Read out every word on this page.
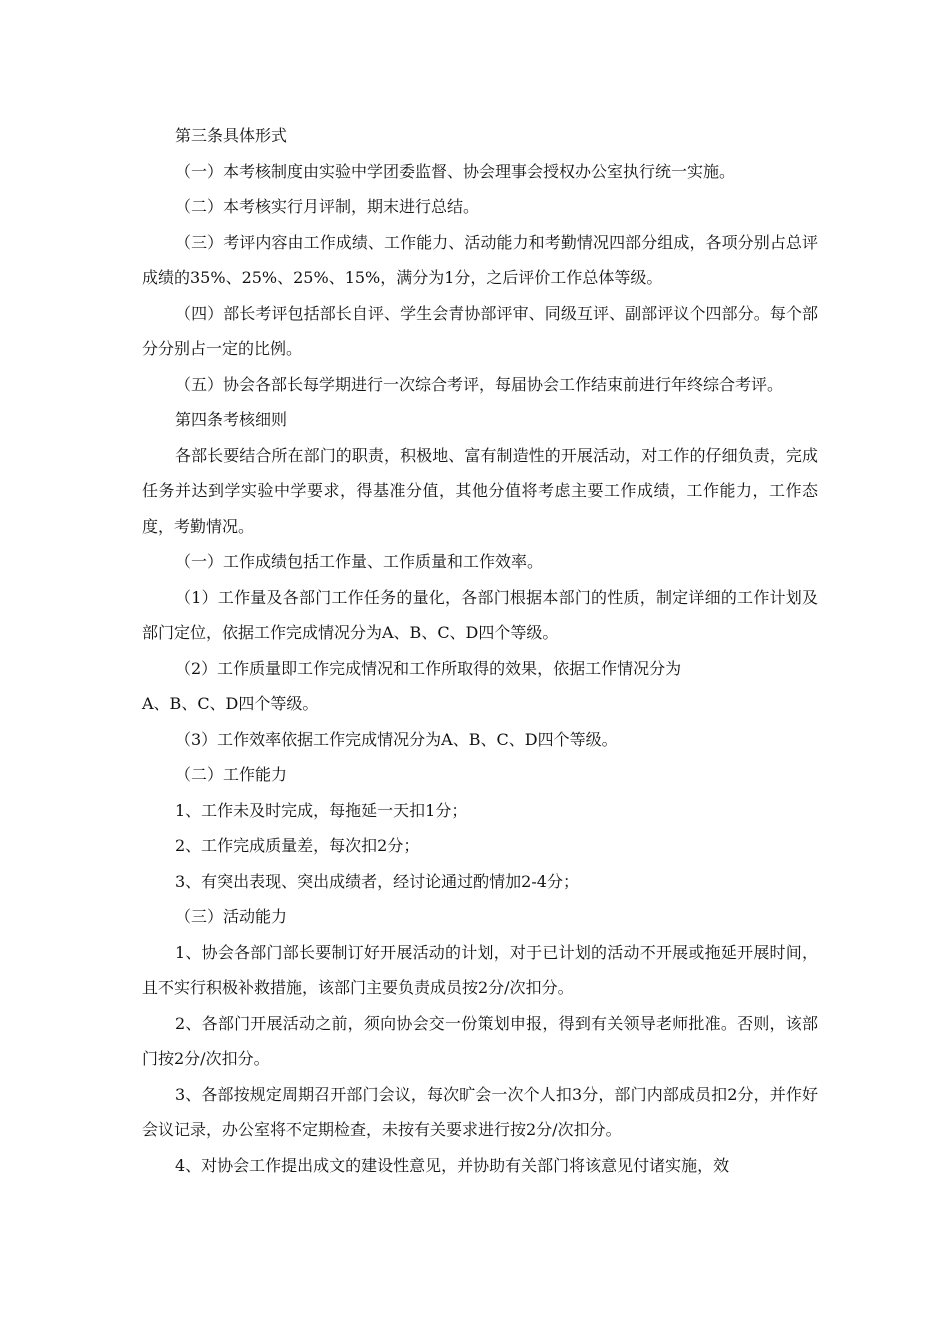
第三条具体形式

（一）本考核制度由实验中学团委监督、协会理事会授权办公室执行统一实施。

（二）本考核实行月评制，期末进行总结。

（三）考评内容由工作成绩、工作能力、活动能力和考勤情况四部分组成，各项分别占总评成绩的35%、25%、25%、15%，满分为1分，之后评价工作总体等级。

（四）部长考评包括部长自评、学生会青协部评审、同级互评、副部评议个四部分。每个部分分别占一定的比例。

（五）协会各部长每学期进行一次综合考评，每届协会工作结束前进行年终综合考评。

第四条考核细则

各部长要结合所在部门的职责，积极地、富有制造性的开展活动，对工作的仔细负责，完成任务并达到学实验中学要求，得基准分值，其他分值将考虑主要工作成绩，工作能力，工作态度，考勤情况。

（一）工作成绩包括工作量、工作质量和工作效率。

（1）工作量及各部门工作任务的量化，各部门根据本部门的性质，制定详细的工作计划及部门定位，依据工作完成情况分为A、B、C、D四个等级。

（2）工作质量即工作完成情况和工作所取得的效果，依据工作情况分为

A、B、C、D四个等级。

（3）工作效率依据工作完成情况分为A、B、C、D四个等级。

（二）工作能力

1、工作未及时完成，每拖延一天扣1分；

2、工作完成质量差，每次扣2分；

3、有突出表现、突出成绩者，经讨论通过酌情加2-4分；

（三）活动能力

1、协会各部门部长要制订好开展活动的计划，对于已计划的活动不开展或拖延开展时间，且不实行积极补救措施，该部门主要负责成员按2分/次扣分。

2、各部门开展活动之前，须向协会交一份策划申报，得到有关领导老师批准。否则，该部门按2分/次扣分。

3、各部按规定周期召开部门会议，每次旷会一次个人扣3分，部门内部成员扣2分，并作好会议记录，办公室将不定期检查，未按有关要求进行按2分/次扣分。

4、对协会工作提出成文的建设性意见，并协助有关部门将该意见付诸实施，效
